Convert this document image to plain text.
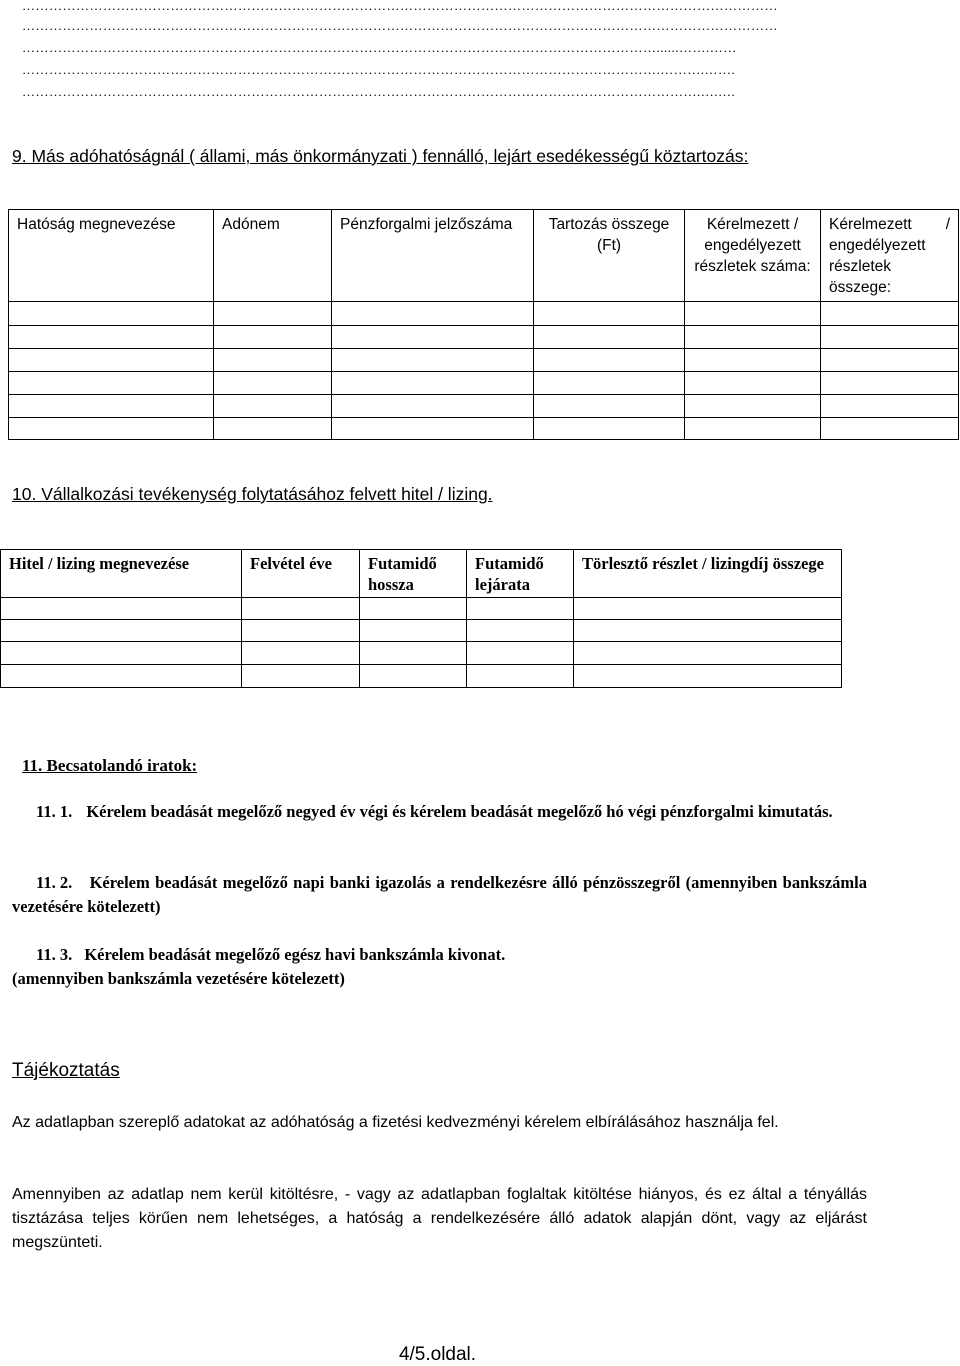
……………………………………………………………………………………………………………………………………………………
……………………………………………………………………………………………………………………………………………………
……………………………………………………………………………………………………………………………......…….……
…………………………………………………………………………………………………………………………….……….…….
…………………………………………………………………………………………………………………………………….….….
9. Más adóhatóságnál ( állami, más önkormányzati ) fennálló, lejárt esedékességű köztartozás:
Hatóság megnevezése	Adónem	Pénzforgalmi jelzőszáma	Tartozás összege (Ft)	Kérelmezett / engedélyezett részletek száma:	Kérelmezett / engedélyezett részletek összege:

10. Vállalkozási tevékenység folytatásához felvett hitel / lizing.
Hitel / lizing megnevezése	Felvétel éve	Futamidő hossza	Futamidő lejárata	Törlesztő részlet / lizingdíj összege

11. Becsatolandó iratok:
11. 1. Kérelem beadását megelőző negyed év végi és kérelem beadását megelőző hó végi pénzforgalmi kimutatás.
11. 2. Kérelem beadását megelőző napi banki igazolás a rendelkezésre álló pénzösszegről (amennyiben bankszámla vezetésére kötelezett)
11. 3. Kérelem beadását megelőző egész havi bankszámla kivonat.
(amennyiben bankszámla vezetésére kötelezett)
Tájékoztatás
Az adatlapban szereplő adatokat az adóhatóság a fizetési kedvezményi kérelem elbírálásához használja fel.
Amennyiben az adatlap nem kerül kitöltésre, - vagy az adatlapban foglaltak kitöltése hiányos, és ez által a tényállás tisztázása teljes körűen nem lehetséges, a hatóság a rendelkezésére álló adatok alapján dönt, vagy az eljárást megszünteti.
4/5.oldal.
